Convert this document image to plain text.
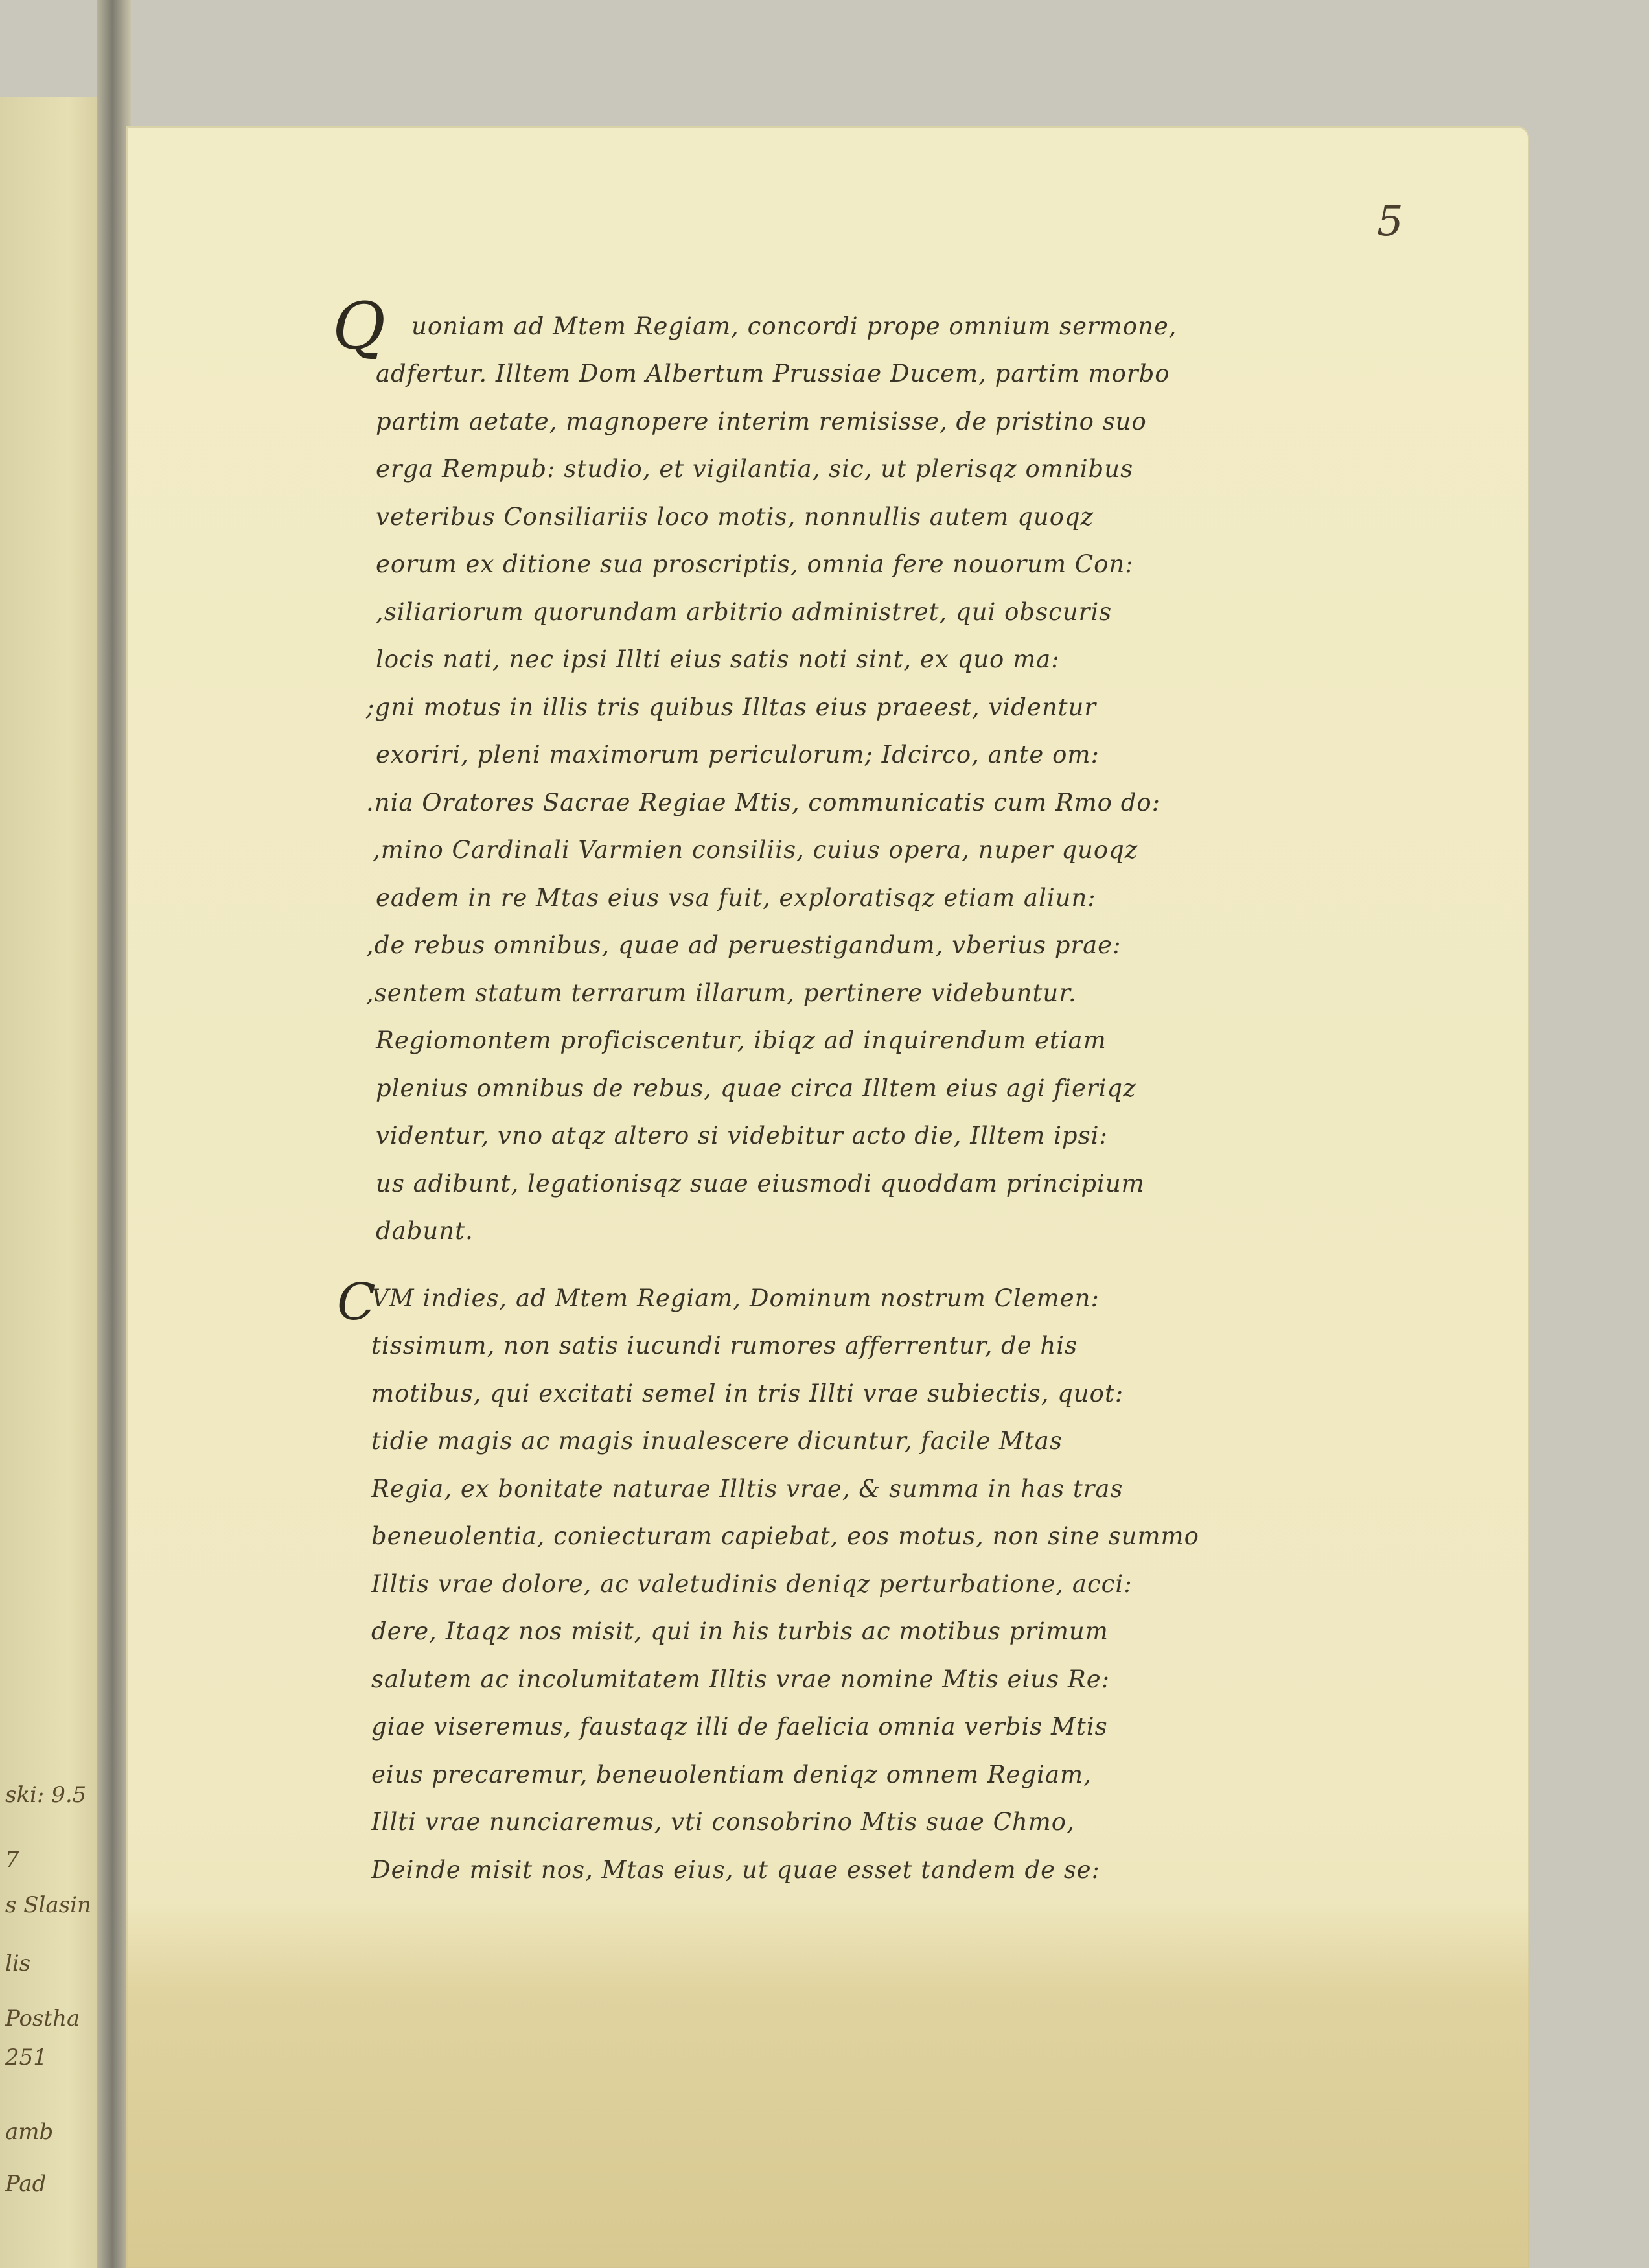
ski: 9.5
7
s Slasin
lis
Postha
251
amb
Pad
5
Q uoniam ad Mtem Regiam, concordi prope omnium sermone,
adfertur. Illtem Dom Albertum Prussiae Ducem, partim morbo
partim aetate, magnopere interim remisisse, de pristino suo
erga Rempub: studio, et vigilantia, sic, ut plerisqz omnibus
veteribus Consiliariis loco motis, nonnullis autem quoqz
eorum ex ditione sua proscriptis, omnia fere nouorum Con:
,siliariorum quorundam arbitrio administret, qui obscuris
locis nati, nec ipsi Illti eius satis noti sint, ex quo ma:
;gni motus in illis tris quibus Illtas eius praeest, videntur
exoriri, pleni maximorum periculorum; Idcirco, ante om:
.nia Oratores Sacrae Regiae Mtis, communicatis cum Rmo do:
,mino Cardinali Varmien consiliis, cuius opera, nuper quoqz
eadem in re Mtas eius vsa fuit, exploratisqz etiam aliun:
,de rebus omnibus, quae ad peruestigandum, vberius prae:
,sentem statum terrarum illarum, pertinere videbuntur.
Regiomontem proficiscentur, ibiqz ad inquirendum etiam
plenius omnibus de rebus, quae circa Illtem eius agi fieriqz
videntur, vno atqz altero si videbitur acto die, Illtem ipsi:
us adibunt, legationisqz suae eiusmodi quoddam principium
dabunt.
C
VM indies, ad Mtem Regiam, Dominum nostrum Clemen:
tissimum, non satis iucundi rumores afferrentur, de his
motibus, qui excitati semel in tris Illti vrae subiectis, quot:
tidie magis ac magis inualescere dicuntur, facile Mtas
Regia, ex bonitate naturae Illtis vrae, & summa in has tras
beneuolentia, coniecturam capiebat, eos motus, non sine summo
Illtis vrae dolore, ac valetudinis deniqz perturbatione, acci:
dere, Itaqz nos misit, qui in his turbis ac motibus primum
salutem ac incolumitatem Illtis vrae nomine Mtis eius Re:
giae viseremus, faustaqz illi de faelicia omnia verbis Mtis
eius precaremur, beneuolentiam deniqz omnem Regiam,
Illti vrae nunciaremus, vti consobrino Mtis suae Chmo,
Deinde misit nos, Mtas eius, ut quae esset tandem de se:
